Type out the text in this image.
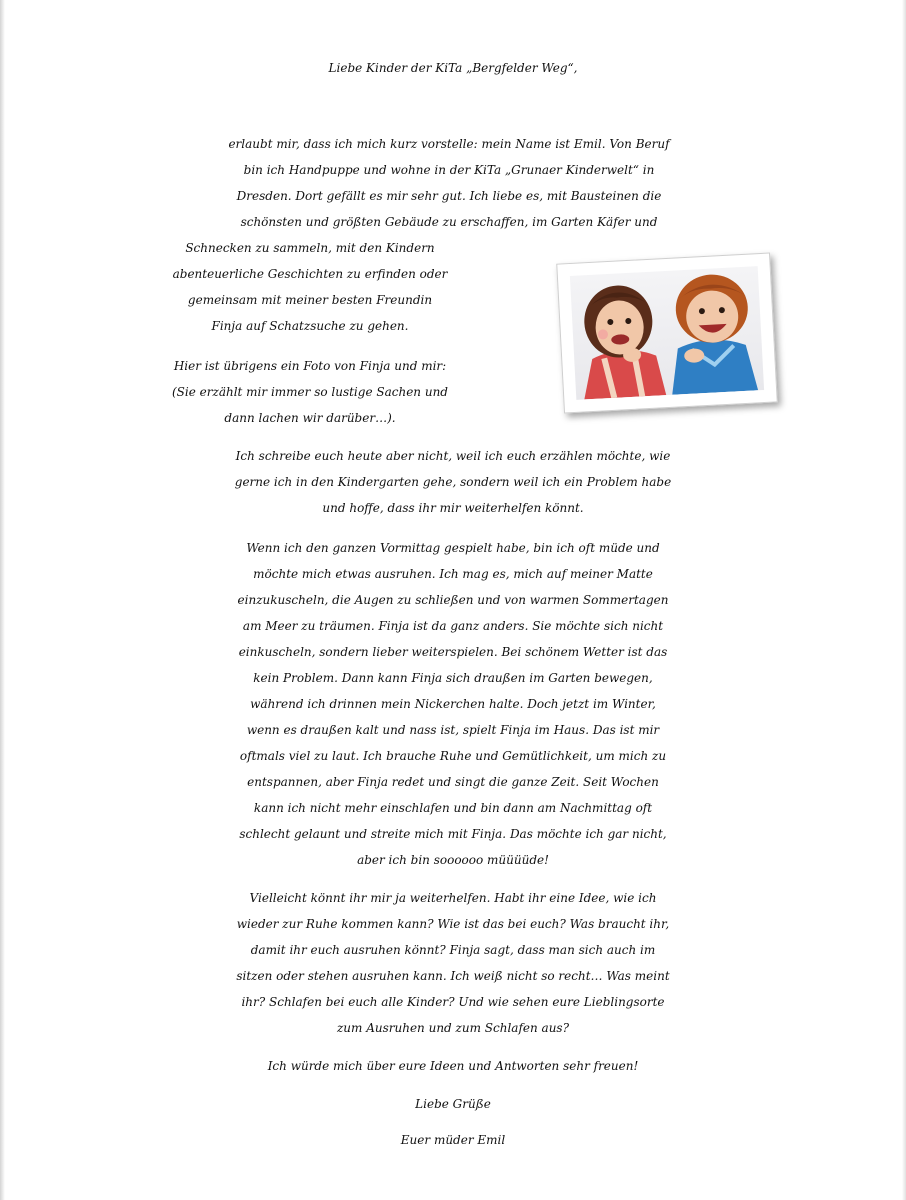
Liebe Kinder der KiTa „Bergfelder Weg“,
erlaubt mir, dass ich mich kurz vorstelle: mein Name ist Emil. Von Beruf
bin ich Handpuppe und wohne in der KiTa „Grunaer Kinderwelt“ in
Dresden. Dort gefällt es mir sehr gut. Ich liebe es, mit Bausteinen die
schönsten und größten Gebäude zu erschaffen, im Garten Käfer und
Schnecken zu sammeln, mit den Kindern
abenteuerliche Geschichten zu erfinden oder
gemeinsam mit meiner besten Freundin
Finja auf Schatzsuche zu gehen.
Hier ist übrigens ein Foto von Finja und mir:
(Sie erzählt mir immer so lustige Sachen und
dann lachen wir darüber…).
Ich schreibe euch heute aber nicht, weil ich euch erzählen möchte, wie
gerne ich in den Kindergarten gehe, sondern weil ich ein Problem habe
und hoffe, dass ihr mir weiterhelfen könnt.
Wenn ich den ganzen Vormittag gespielt habe, bin ich oft müde und
möchte mich etwas ausruhen. Ich mag es, mich auf meiner Matte
einzukuscheln, die Augen zu schließen und von warmen Sommertagen
am Meer zu träumen. Finja ist da ganz anders. Sie möchte sich nicht
einkuscheln, sondern lieber weiterspielen. Bei schönem Wetter ist das
kein Problem. Dann kann Finja sich draußen im Garten bewegen,
während ich drinnen mein Nickerchen halte. Doch jetzt im Winter,
wenn es draußen kalt und nass ist, spielt Finja im Haus. Das ist mir
oftmals viel zu laut. Ich brauche Ruhe und Gemütlichkeit, um mich zu
entspannen, aber Finja redet und singt die ganze Zeit. Seit Wochen
kann ich nicht mehr einschlafen und bin dann am Nachmittag oft
schlecht gelaunt und streite mich mit Finja. Das möchte ich gar nicht,
aber ich bin soooooo müüüüde!
Vielleicht könnt ihr mir ja weiterhelfen. Habt ihr eine Idee, wie ich
wieder zur Ruhe kommen kann? Wie ist das bei euch? Was braucht ihr,
damit ihr euch ausruhen könnt? Finja sagt, dass man sich auch im
sitzen oder stehen ausruhen kann. Ich weiß nicht so recht… Was meint
ihr? Schlafen bei euch alle Kinder? Und wie sehen eure Lieblingsorte
zum Ausruhen und zum Schlafen aus?
Ich würde mich über eure Ideen und Antworten sehr freuen!
Liebe Grüße
Euer müder Emil
